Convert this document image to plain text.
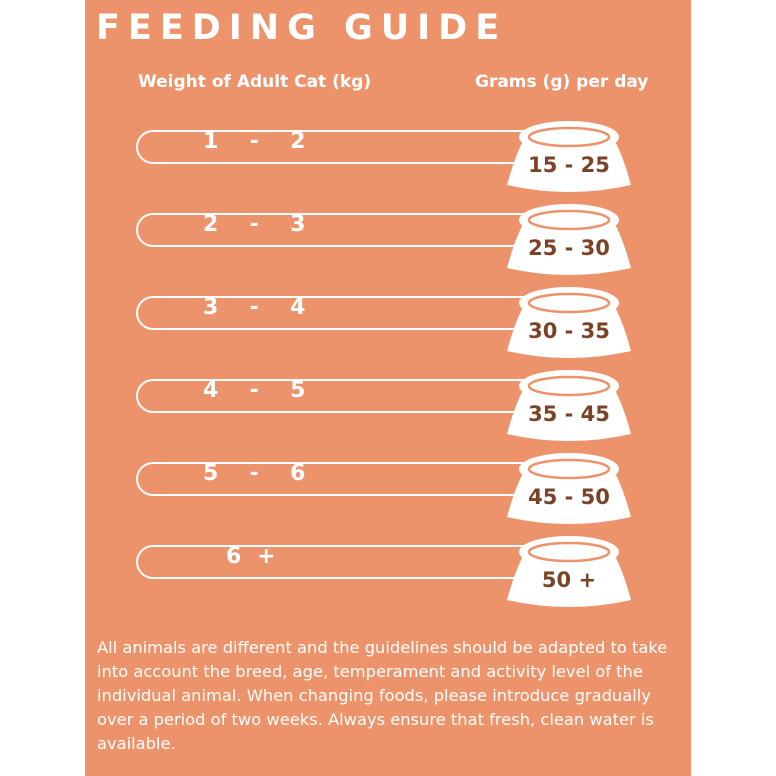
FEEDING GUIDE
Weight of Adult Cat (kg)	Grams (g) per day
1  -  2
15 - 25
2  -  3
25 - 30
3  -  4
30 - 35
4  -  5
35 - 45
5  -  6
45 - 50
6 +
50 +
All animals are different and the guidelines should be adapted to take into account the breed, age, temperament and activity level of the individual animal. When changing foods, please introduce gradually over a period of two weeks. Always ensure that fresh, clean water is available.
